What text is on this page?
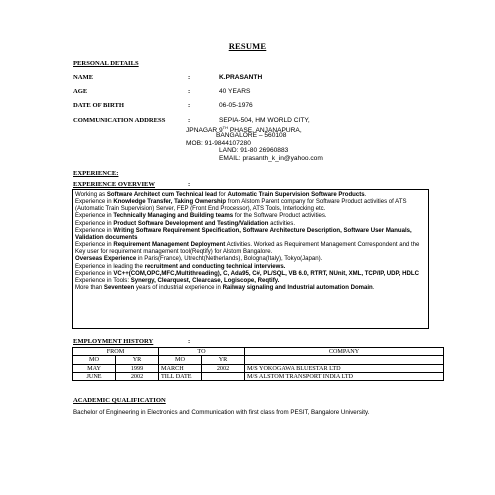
RESUME
PERSONAL DETAILS
NAME	:	K.PRASANTH
AGE	:	40 YEARS
DATE OF BIRTH	:	06-05-1976
COMMUNICATION ADDRESS	:	SEPIA-504, HM WORLD CITY,
JPNAGAR 9TH PHASE, ANJANAPURA,
BANGALORE – 560108
MOB: 91-9844107280
LAND: 91-80 26960883
EMAIL: prasanth_k_in@yahoo.com
EXPERIENCE:
EXPERIENCE OVERVIEW	:

Working as Software Architect cum Technical lead for Automatic Train Supervision Software Products.

Experience in Knowledge Transfer, Taking Ownership from Alstom Parent company for Software Product activities of ATS (Automatic Train Supervision) Server, FEP (Front End Processor), ATS Tools, Interlocking etc.

Experience in Technically Managing and Building teams for the Software Product activities.

Experience in Product Software Development and Testing/Validation activities.

Experience in Writing Software Requirement Specification, Software Architecture Description, Software User Manuals, Validation documents

Experience in Requirement Management Deployment Activities. Worked as Requirement Management Correspondent and the Key user for requirement management tool(Reqtify) for Alstom Bangalore.

Overseas Experience in Paris(France), Utrecht(Netherlands), Bologna(Italy), Tokyo(Japan).

Experience in leading the recruitment and conducting technical interviews.

Experience in VC++(COM,OPC,MFC,Multithreading), C, Ada95, C#, PL/SQL, VB 6.0, RTRT, NUnit, XML, TCP/IP, UDP, HDLC

Experience in Tools: Synergy, Clearquest, Clearcase, Logiscope, Reqtify.

More than Seventeen years of industrial experience in Railway signaling and Industrial automation Domain.

EMPLOYMENT HISTORY	:
FROM		TO		COMPANY
MO	YR	MO	YR	
MAY	1999	MARCH	2002	M/S YOKOGAWA BLUESTAR LTD
JUNE	2002	TILL DATE		M/S ALSTOM TRANSPORT INDIA LTD
ACADEMIC QUALIFICATION
Bachelor of Engineering in Electronics and Communication with first class from PESIT, Bangalore University.
